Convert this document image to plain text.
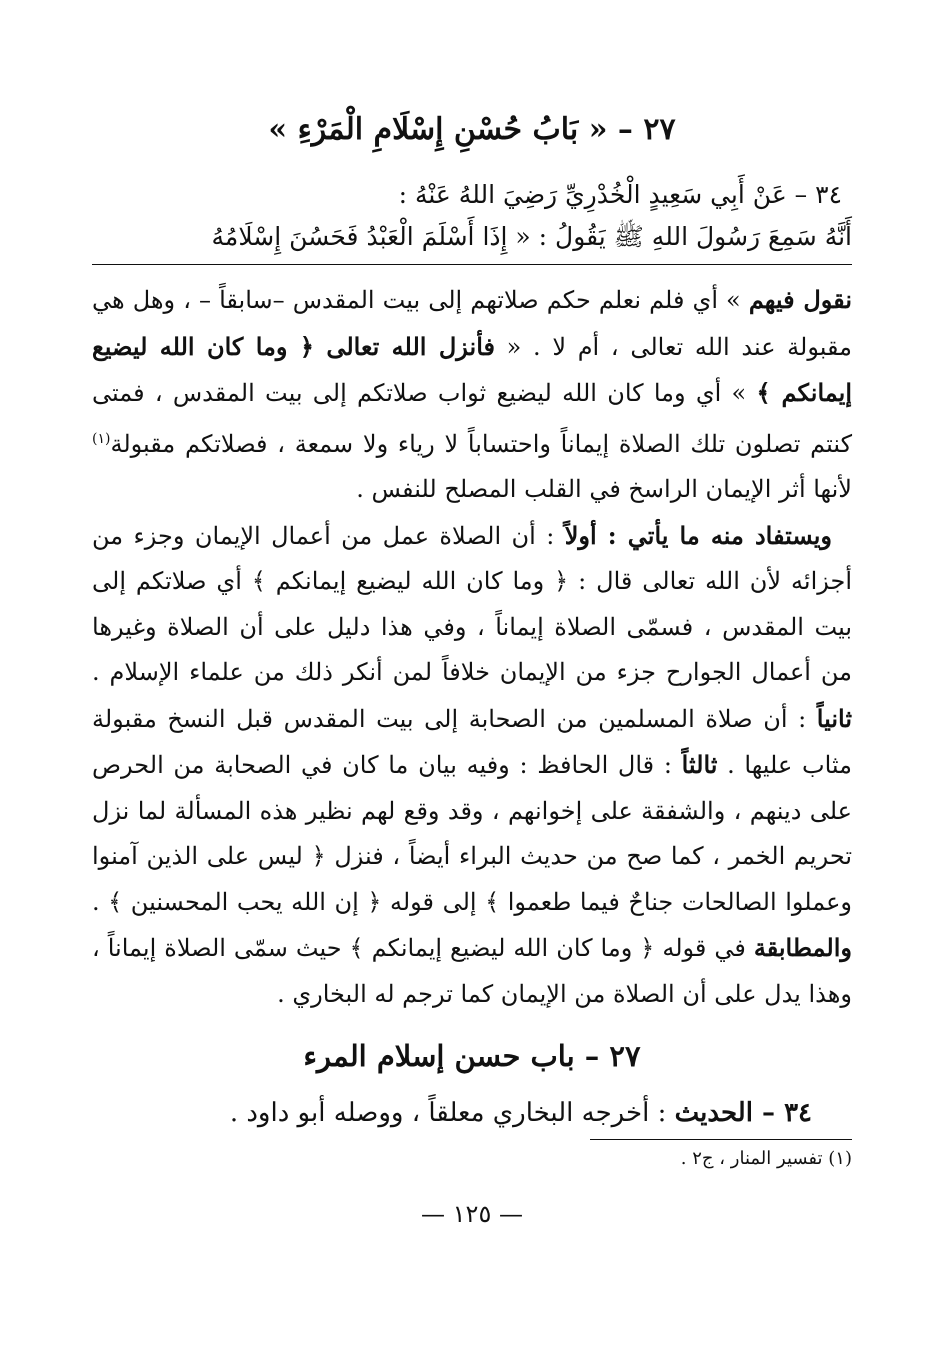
٢٧ – « بَابُ حُسْنِ إِسْلَامِ الْمَرْءِ »

٣٤ – عَنْ أَبِي سَعِيدٍ الْخُدْرِيِّ رَضِيَ اللهُ عَنْهُ :

أَنَّهُ سَمِعَ رَسُولَ اللهِ ﷺ يَقُولُ : « إِذَا أَسْلَمَ الْعَبْدُ فَحَسُنَ إِسْلَامُهُ

نقول فيهم » أي فلم نعلم حكم صلاتهم إلى بيت المقدس –سابقاً – ، وهل هي مقبولة عند الله تعالى ، أم لا . « فأنزل الله تعالى ﴿ وما كان الله ليضيع إيمانكم ﴾ » أي وما كان الله ليضيع ثواب صلاتكم إلى بيت المقدس ، فمتى كنتم تصلون تلك الصلاة إيماناً واحتساباً لا رياء ولا سمعة ، فصلاتكم مقبولة$^{(١)}$ لأنها أثر الإيمان الراسخ في القلب المصلح للنفس .

ويستفاد منه ما يأتي : أولاً : أن الصلاة عمل من أعمال الإيمان وجزء من أجزائه لأن الله تعالى قال : ﴿ وما كان الله ليضيع إيمانكم ﴾ أي صلاتكم إلى بيت المقدس ، فسمّى الصلاة إيماناً ، وفي هذا دليل على أن الصلاة وغيرها من أعمال الجوارح جزء من الإيمان خلافاً لمن أنكر ذلك من علماء الإسلام . ثانياً : أن صلاة المسلمين من الصحابة إلى بيت المقدس قبل النسخ مقبولة مثاب عليها . ثالثاً : قال الحافظ : وفيه بيان ما كان في الصحابة من الحرص على دينهم ، والشفقة على إخوانهم ، وقد وقع لهم نظير هذه المسألة لما نزل تحريم الخمر ، كما صح من حديث البراء أيضاً ، فنزل ﴿ ليس على الذين آمنوا وعملوا الصالحات جناحٌ فيما طعموا ﴾ إلى قوله ﴿ إن الله يحب المحسنين ﴾ . والمطابقة في قوله ﴿ وما كان الله ليضيع إيمانكم ﴾ حيث سمّى الصلاة إيماناً ، وهذا يدل على أن الصلاة من الإيمان كما ترجم له البخاري .

٢٧ – باب حسن إسلام المرء

٣٤ – الحديث : أخرجه البخاري معلقاً ، ووصله أبو داود .

(١) تفسير المنار ، ج٢ .

— ١٢٥ —
